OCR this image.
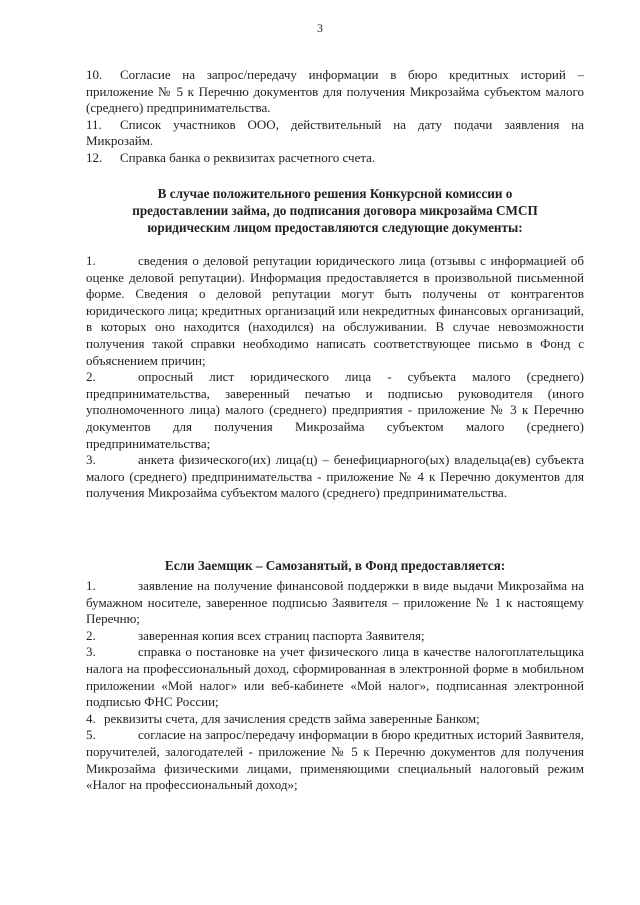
3

10. Согласие на запрос/передачу информации в бюро кредитных историй – приложение № 5 к Перечню документов для получения Микрозайма субъектом малого (среднего) предпринимательства.

11. Список участников ООО, действительный на дату подачи заявления на Микрозайм.

12. Справка банка о реквизитах расчетного счета.

В случае положительного решения Конкурсной комиссии о предоставлении займа, до подписания договора микрозайма СМСП юридическим лицом предоставляются следующие документы:

1.	сведения о деловой репутации юридического лица (отзывы с информацией об оценке деловой репутации). Информация предоставляется в произвольной письменной форме. Сведения о деловой репутации могут быть получены от контрагентов юридического лица; кредитных организаций или некредитных финансовых организаций, в которых оно находится (находился) на обслуживании. В случае невозможности получения такой справки необходимо написать соответствующее письмо в Фонд с объяснением причин;

2.	опросный лист юридического лица - субъекта малого (среднего) предпринимательства, заверенный печатью и подписью руководителя (иного уполномоченного лица) малого (среднего) предприятия - приложение № 3 к Перечню документов для получения Микрозайма субъектом малого (среднего) предпринимательства;

3.	анкета физического(их) лица(ц) – бенефициарного(ых) владельца(ев) субъекта малого (среднего) предпринимательства - приложение № 4 к Перечню документов для получения Микрозайма субъектом малого (среднего) предпринимательства.

Если Заемщик – Самозанятый, в Фонд предоставляется:

1.	заявление на получение финансовой поддержки в виде выдачи Микрозайма на бумажном носителе, заверенное подписью Заявителя – приложение № 1 к настоящему Перечню;

2.	заверенная копия всех страниц паспорта Заявителя;

3.	справка о постановке на учет физического лица в качестве налогоплательщика налога на профессиональный доход, сформированная в электронной форме в мобильном приложении «Мой налог» или веб-кабинете «Мой налог», подписанная электронной подписью ФНС России;

4. реквизиты счета, для зачисления средств займа заверенные Банком;

5.	согласие на запрос/передачу информации в бюро кредитных историй Заявителя, поручителей, залогодателей - приложение № 5 к Перечню документов для получения Микрозайма физическими лицами, применяющими специальный налоговый режим «Налог на профессиональный доход»;
